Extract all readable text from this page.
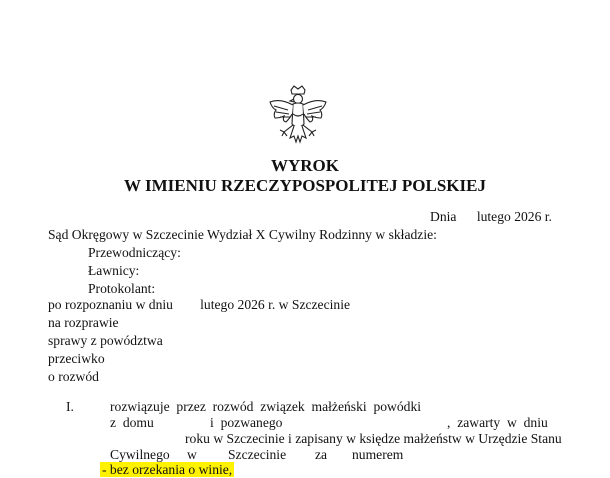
WYROK
W IMIENIU RZECZYPOSPOLITEJ POLSKIEJ
Dnia      lutego 2026 r.
Sąd Okręgowy w Szczecinie Wydział X Cywilny Rodzinny w składzie:
Przewodniczący:
Ławnicy:
Protokolant:
po rozpoznaniu w dniu        lutego 2026 r. w Szczecinie
na rozprawie
sprawy z powództwa
przeciwko
o rozwód
I.	rozwiązuje  przez  rozwód  związek  małżeński  powódki
z  domu	i  pozwanego	,  zawarty  w  dniu
roku w Szczecinie i zapisany w księdze małżeństw w Urzędzie Stanu
Cywilnego w Szczecinie za numerem
- bez orzekania o winie,
